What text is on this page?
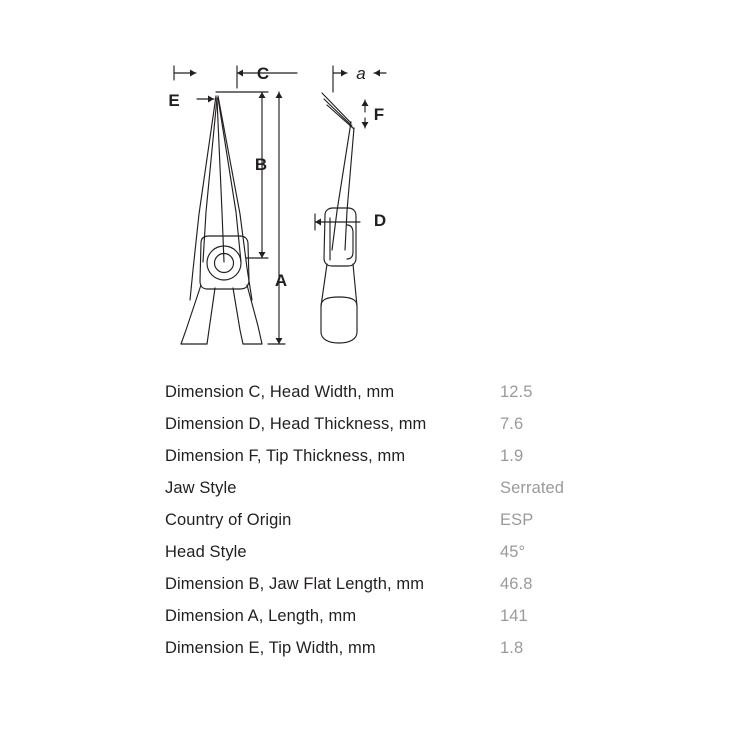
E
C
B
A
D
F
a
Dimension C, Head Width, mm	12.5
Dimension D, Head Thickness, mm	7.6
Dimension F, Tip Thickness, mm	1.9
Jaw Style	Serrated
Country of Origin	ESP
Head Style	45°
Dimension B, Jaw Flat Length, mm	46.8
Dimension A, Length, mm	141
Dimension E, Tip Width, mm	1.8
